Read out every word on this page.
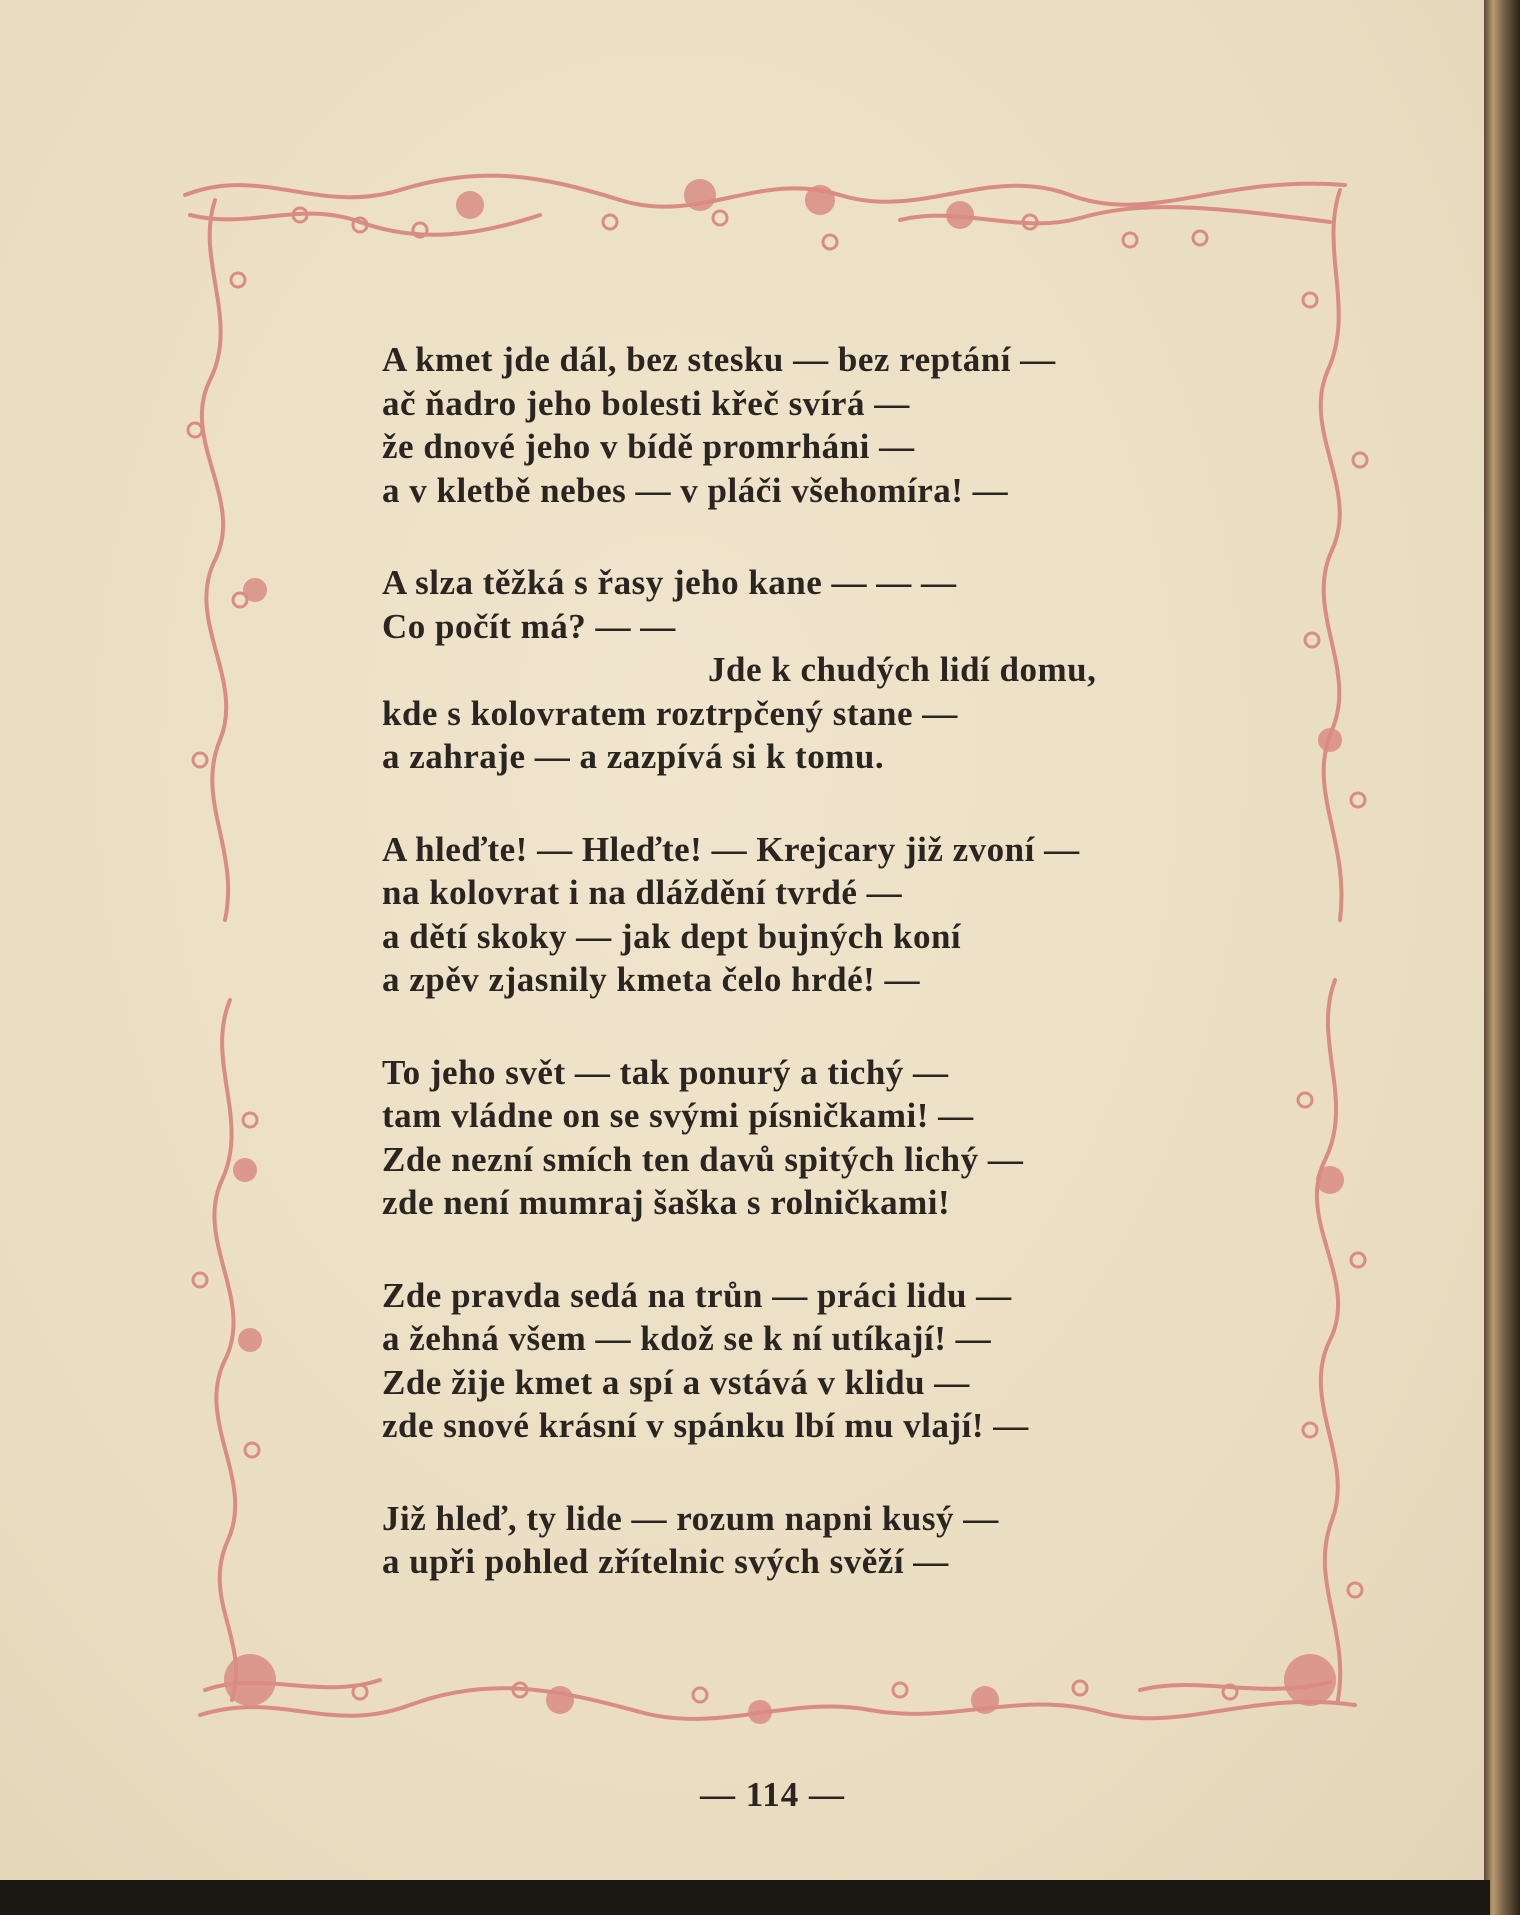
A kmet jde dál, bez stesku — bez reptání —
ač ňadro jeho bolesti křeč svírá —
že dnové jeho v bídě promrháni —
a v kletbě nebes — v pláči všehomíra! —
A slza těžká s řasy jeho kane — — —
Co počít má? — —
Jde k chudých lidí domu,
kde s kolovratem roztrpčený stane —
a zahraje — a zazpívá si k tomu.
A hleďte! — Hleďte! — Krejcary již zvoní —
na kolovrat i na dláždění tvrdé —
a dětí skoky — jak dept bujných koní
a zpěv zjasnily kmeta čelo hrdé! —
To jeho svět — tak ponurý a tichý —
tam vládne on se svými písničkami! —
Zde nezní smích ten davů spitých lichý —
zde není mumraj šaška s rolničkami!
Zde pravda sedá na trůn — práci lidu —
a žehná všem — kdož se k ní utíkají! —
Zde žije kmet a spí a vstává v klidu —
zde snové krásní v spánku lbí mu vlají! —
Již hleď, ty lide — rozum napni kusý —
a upři pohled zřítelnic svých svěží —
— 114 —
